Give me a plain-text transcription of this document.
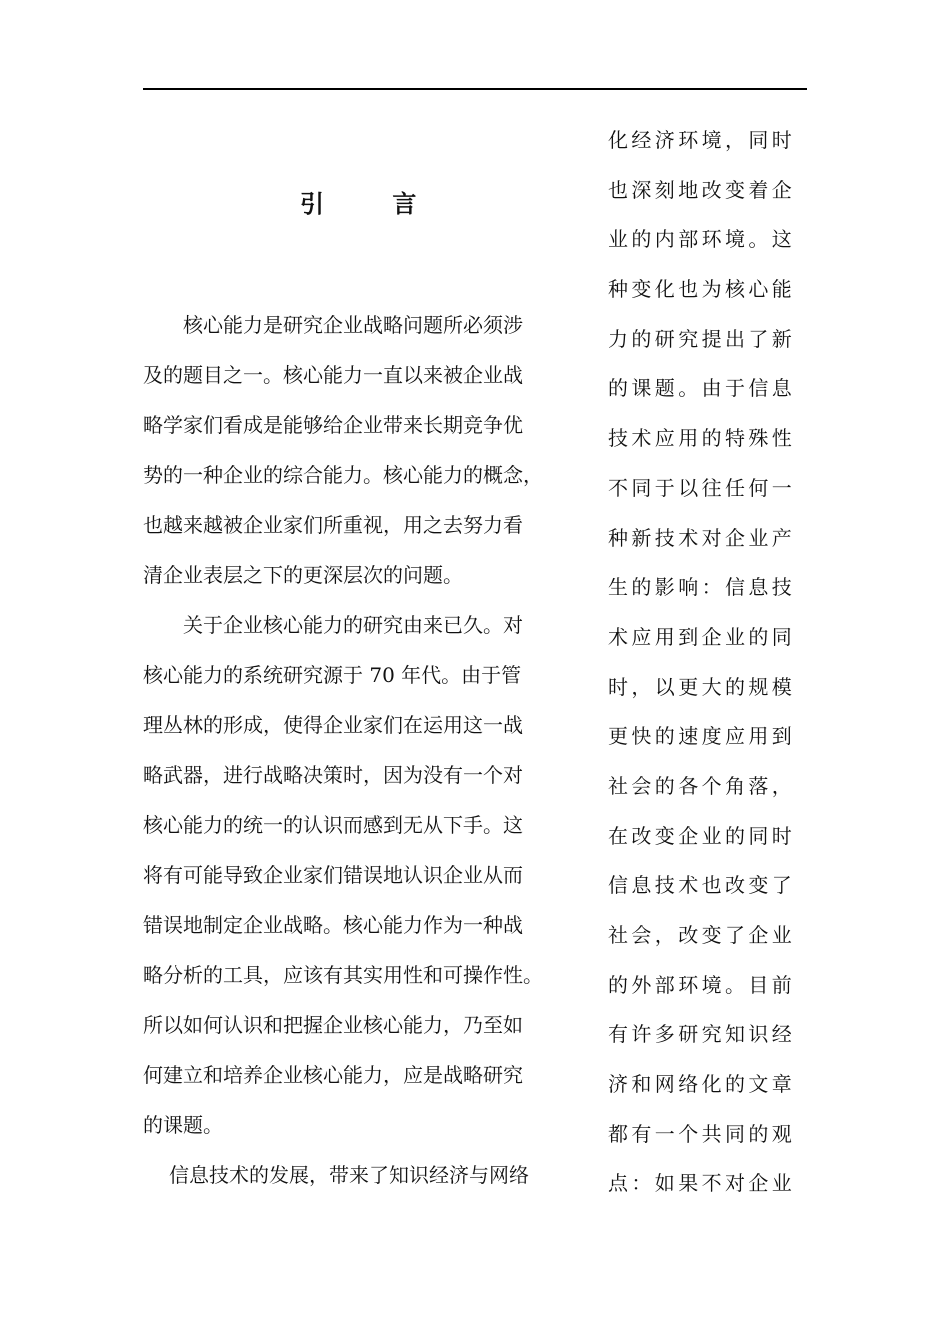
引 言
核心能力是研究企业战略问题所必须涉
及的题目之一。核心能力一直以来被企业战
略学家们看成是能够给企业带来长期竞争优
势的一种企业的综合能力。核心能力的概念，
也越来越被企业家们所重视，用之去努力看
清企业表层之下的更深层次的问题。
关于企业核心能力的研究由来已久。对
核心能力的系统研究源于 70 年代。由于管
理丛林的形成，使得企业家们在运用这一战
略武器，进行战略决策时，因为没有一个对
核心能力的统一的认识而感到无从下手。这
将有可能导致企业家们错误地认识企业从而
错误地制定企业战略。核心能力作为一种战
略分析的工具，应该有其实用性和可操作性。
所以如何认识和把握企业核心能力，乃至如
何建立和培养企业核心能力，应是战略研究
的课题。
信息技术的发展，带来了知识经济与网络
化经济环境，同时
也深刻地改变着企
业的内部环境。这
种变化也为核心能
力的研究提出了新
的课题。由于信息
技术应用的特殊性
不同于以往任何一
种新技术对企业产
生的影响：信息技
术应用到企业的同
时，以更大的规模
更快的速度应用到
社会的各个角落，
在改变企业的同时
信息技术也改变了
社会，改变了企业
的外部环境。目前
有许多研究知识经
济和网络化的文章
都有一个共同的观
点：如果不对企业
